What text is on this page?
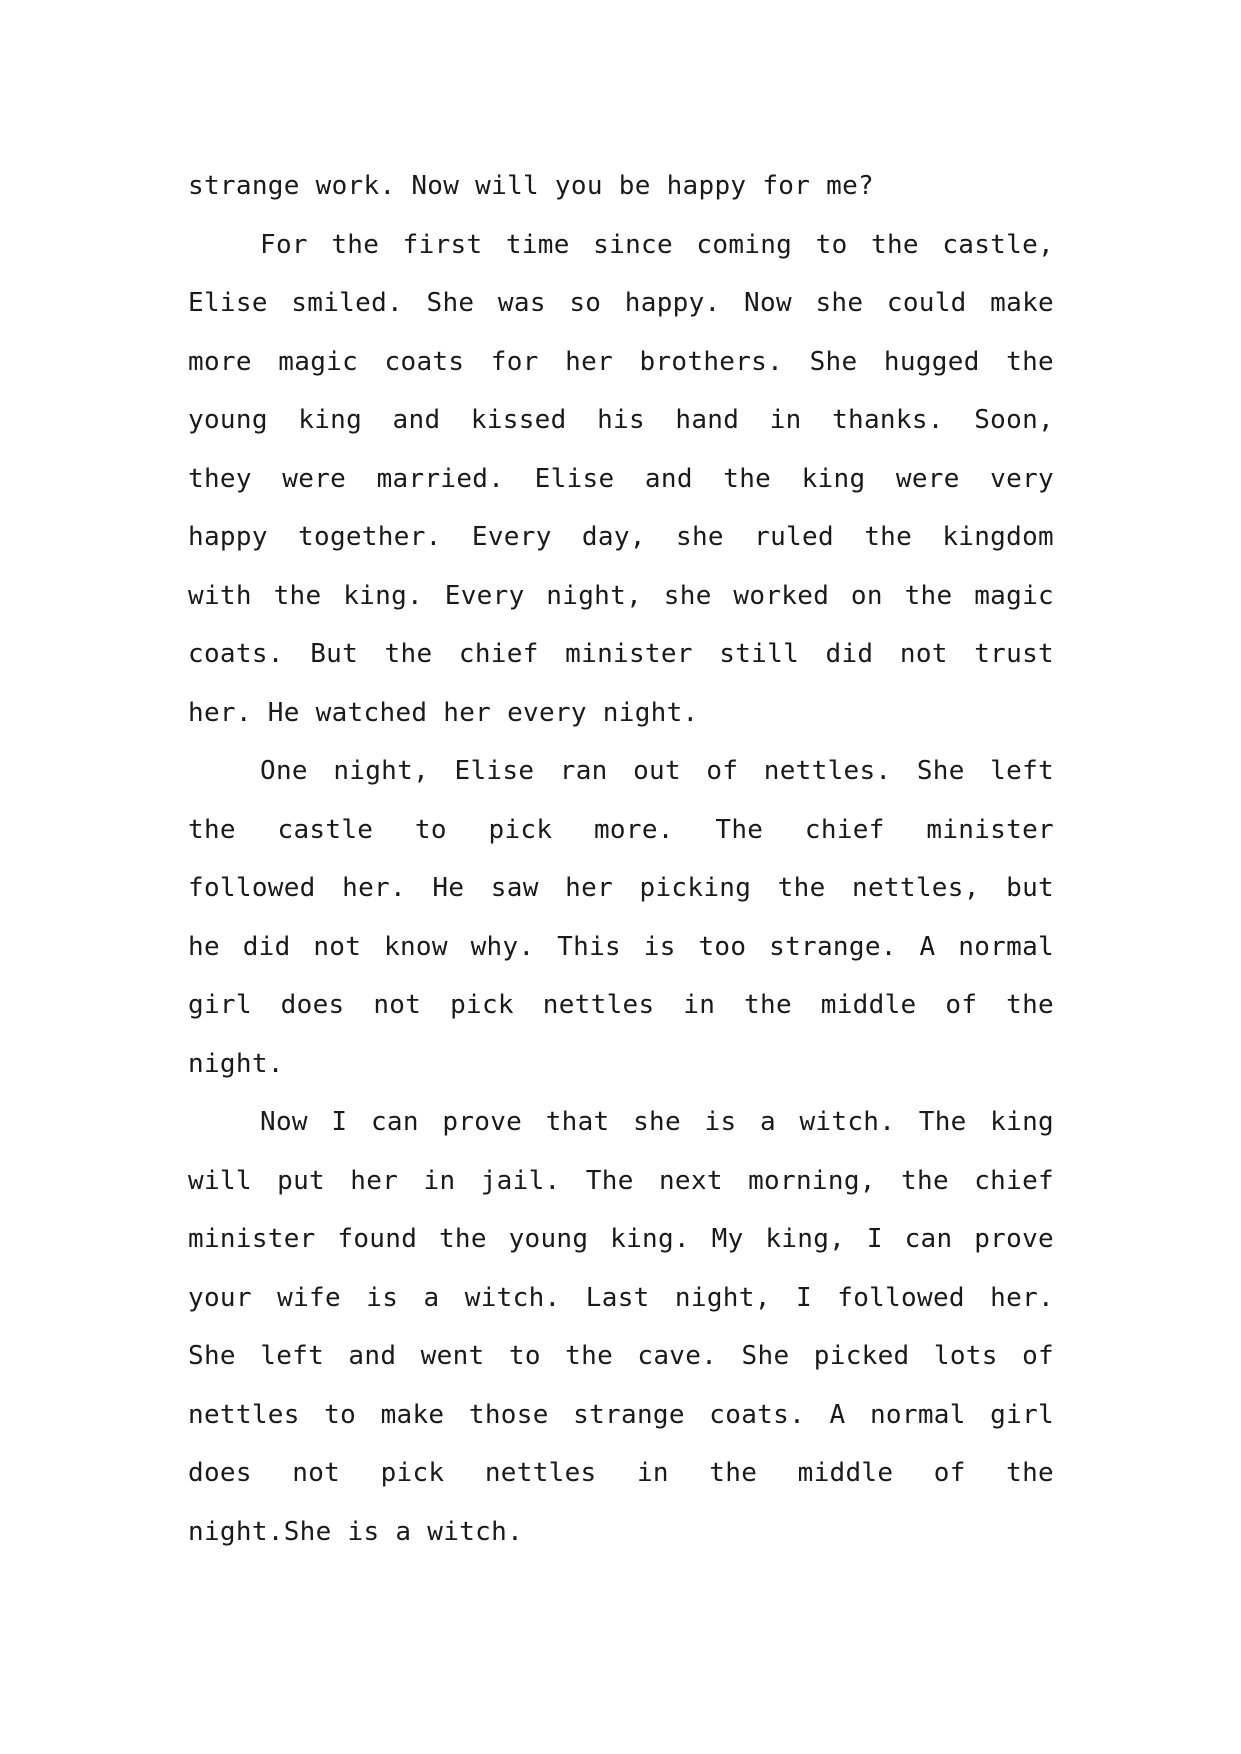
strange work. Now will you be happy for me?
For the first time since coming to the castle,
Elise smiled. She was so happy. Now she could make
more magic coats for her brothers. She hugged the
young king and kissed his hand in thanks. Soon,
they were married. Elise and the king were very
happy together. Every day, she ruled the kingdom
with the king. Every night, she worked on the magic
coats. But the chief minister still did not trust
her. He watched her every night.
One night, Elise ran out of nettles. She left
the castle to pick more. The chief minister
followed her. He saw her picking the nettles, but
he did not know why. This is too strange. A normal
girl does not pick nettles in the middle of the
night.
Now I can prove that she is a witch. The king
will put her in jail. The next morning, the chief
minister found the young king. My king, I can prove
your wife is a witch. Last night, I followed her.
She left and went to the cave. She picked lots of
nettles to make those strange coats. A normal girl
does not pick nettles in the middle of the
night.She is a witch.
